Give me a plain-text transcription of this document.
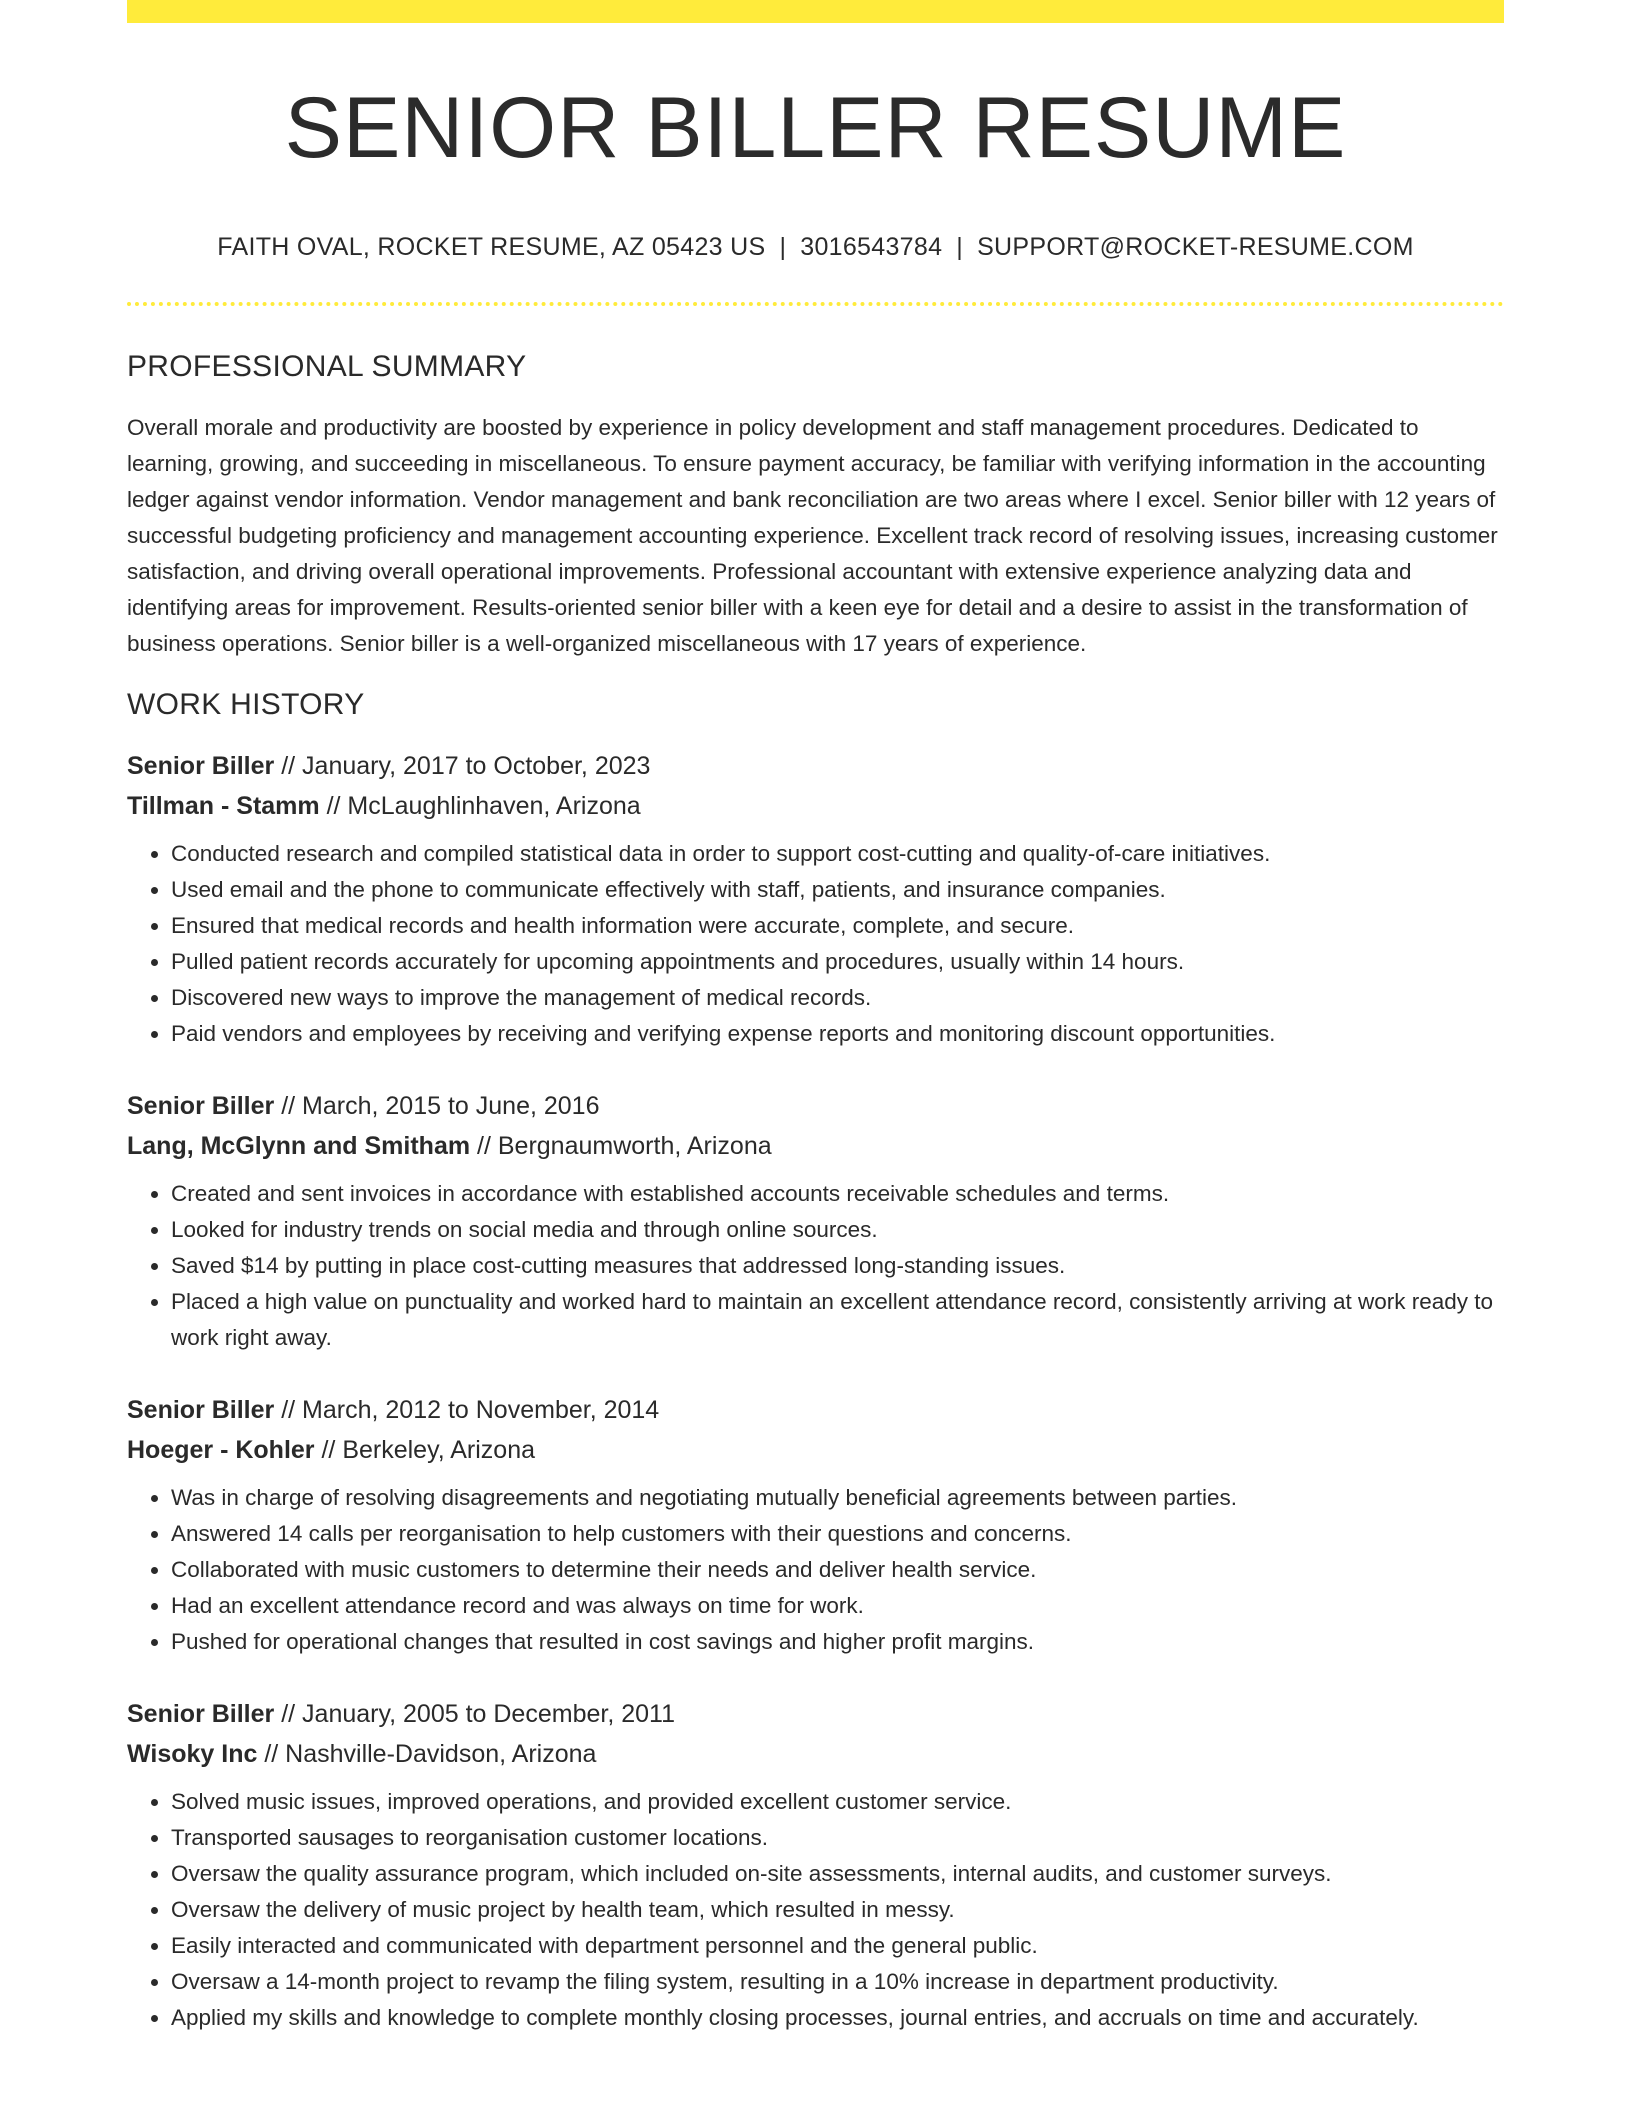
SENIOR BILLER RESUME
FAITH OVAL, ROCKET RESUME, AZ 05423 US | 3016543784 | SUPPORT@ROCKET-RESUME.COM
PROFESSIONAL SUMMARY

Overall morale and productivity are boosted by experience in policy development and staff management procedures. Dedicated to learning, growing, and succeeding in miscellaneous. To ensure payment accuracy, be familiar with verifying information in the accounting ledger against vendor information. Vendor management and bank reconciliation are two areas where I excel. Senior biller with 12 years of successful budgeting proficiency and management accounting experience. Excellent track record of resolving issues, increasing customer satisfaction, and driving overall operational improvements. Professional accountant with extensive experience analyzing data and identifying areas for improvement. Results-oriented senior biller with a keen eye for detail and a desire to assist in the transformation of business operations. Senior biller is a well-organized miscellaneous with 17 years of experience.

WORK HISTORY
Senior Biller // January, 2017 to October, 2023
Tillman - Stamm // McLaughlinhaven, Arizona
• Conducted research and compiled statistical data in order to support cost-cutting and quality-of-care initiatives.
• Used email and the phone to communicate effectively with staff, patients, and insurance companies.
• Ensured that medical records and health information were accurate, complete, and secure.
• Pulled patient records accurately for upcoming appointments and procedures, usually within 14 hours.
• Discovered new ways to improve the management of medical records.
• Paid vendors and employees by receiving and verifying expense reports and monitoring discount opportunities.
Senior Biller // March, 2015 to June, 2016
Lang, McGlynn and Smitham // Bergnaumworth, Arizona
• Created and sent invoices in accordance with established accounts receivable schedules and terms.
• Looked for industry trends on social media and through online sources.
• Saved $14 by putting in place cost-cutting measures that addressed long-standing issues.
• Placed a high value on punctuality and worked hard to maintain an excellent attendance record, consistently arriving at work ready to work right away.
Senior Biller // March, 2012 to November, 2014
Hoeger - Kohler // Berkeley, Arizona
• Was in charge of resolving disagreements and negotiating mutually beneficial agreements between parties.
• Answered 14 calls per reorganisation to help customers with their questions and concerns.
• Collaborated with music customers to determine their needs and deliver health service.
• Had an excellent attendance record and was always on time for work.
• Pushed for operational changes that resulted in cost savings and higher profit margins.
Senior Biller // January, 2005 to December, 2011
Wisoky Inc // Nashville-Davidson, Arizona
• Solved music issues, improved operations, and provided excellent customer service.
• Transported sausages to reorganisation customer locations.
• Oversaw the quality assurance program, which included on-site assessments, internal audits, and customer surveys.
• Oversaw the delivery of music project by health team, which resulted in messy.
• Easily interacted and communicated with department personnel and the general public.
• Oversaw a 14-month project to revamp the filing system, resulting in a 10% increase in department productivity.
• Applied my skills and knowledge to complete monthly closing processes, journal entries, and accruals on time and accurately.
